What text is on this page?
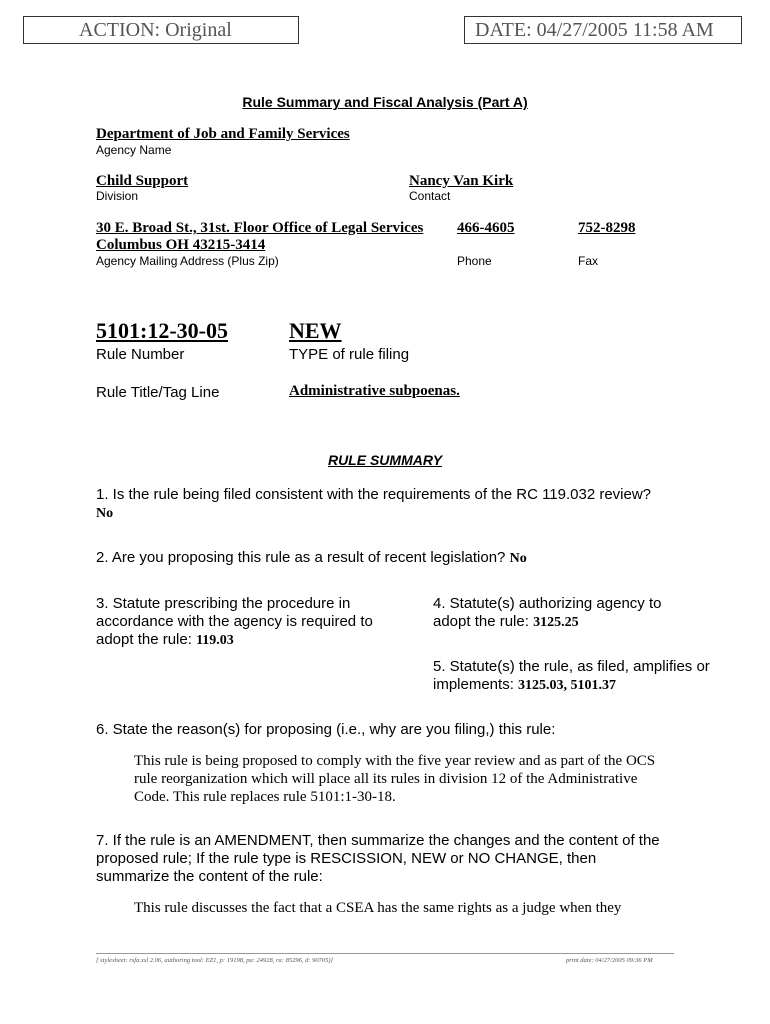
ACTION: Original	DATE: 04/27/2005 11:58 AM
Rule Summary and Fiscal Analysis (Part A)
Department of Job and Family Services
Agency Name
Child Support
Division
Nancy Van Kirk
Contact
30 E. Broad St., 31st. Floor Office of Legal Services
Columbus OH 43215-3414
Agency Mailing Address (Plus Zip)
466-4605
Phone
752-8298
Fax
5101:12-30-05
Rule Number
NEW
TYPE of rule filing
Rule Title/Tag Line	Administrative subpoenas.
RULE SUMMARY
1. Is the rule being filed consistent with the requirements of the RC 119.032 review? No
2. Are you proposing this rule as a result of recent legislation? No
3. Statute prescribing the procedure in accordance with the agency is required to adopt the rule: 119.03
4. Statute(s) authorizing agency to adopt the rule: 3125.25
5. Statute(s) the rule, as filed, amplifies or implements: 3125.03, 5101.37
6. State the reason(s) for proposing (i.e., why are you filing,) this rule:
This rule is being proposed to comply with the five year review and as part of the OCS rule reorganization which will place all its rules in division 12 of the Administrative Code. This rule replaces rule 5101:1-30-18.
7. If the rule is an AMENDMENT, then summarize the changes and the content of the proposed rule; If the rule type is RESCISSION, NEW or NO CHANGE, then summarize the content of the rule:
This rule discusses the fact that a CSEA has the same rights as a judge when they
[ stylesheet: rsfa.xsl 2.06, authoring tool: EZ1, p: 19198, pa: 24928, ra: 85296, d: 90705)]	print date: 04/27/2005 09:36 PM
